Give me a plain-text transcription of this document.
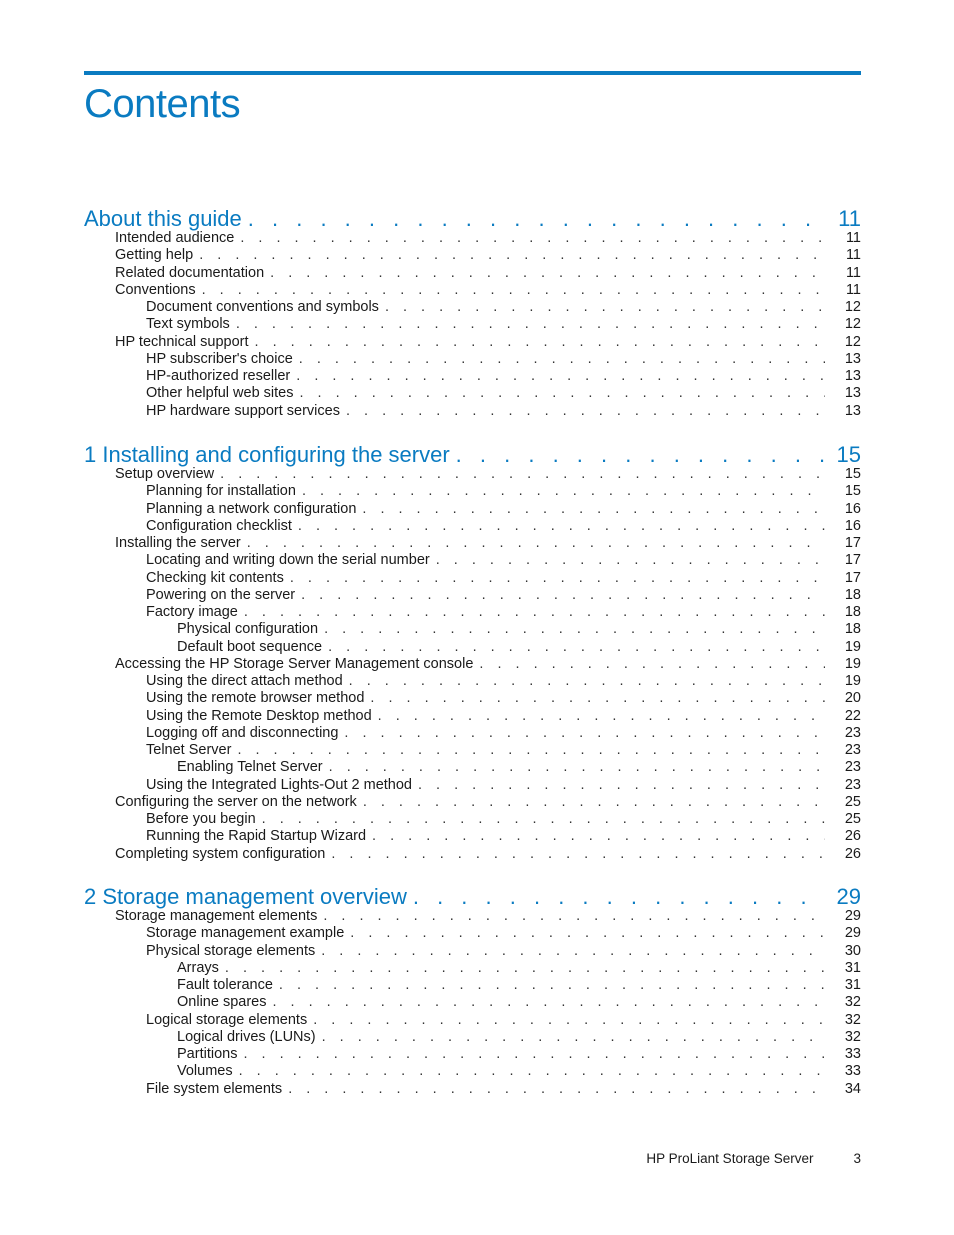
Contents
About this guide . . .	11
Intended audience . . .	11
Getting help . . .	11
Related documentation . . .	11
Conventions . . .	11
Document conventions and symbols . . .	12
Text symbols . . .	12
HP technical support . . .	12
HP subscriber's choice . . .	13
HP-authorized reseller . . .	13
Other helpful web sites . . .	13
HP hardware support services . . .	13
1 Installing and configuring the server . . .	15
Setup overview . . .	15
Planning for installation . . .	15
Planning a network configuration . . .	16
Configuration checklist . . .	16
Installing the server . . .	17
Locating and writing down the serial number . . .	17
Checking kit contents . . .	17
Powering on the server . . .	18
Factory image . . .	18
Physical configuration . . .	18
Default boot sequence . . .	19
Accessing the HP Storage Server Management console . . .	19
Using the direct attach method . . .	19
Using the remote browser method . . .	20
Using the Remote Desktop method . . .	22
Logging off and disconnecting . . .	23
Telnet Server . . .	23
Enabling Telnet Server . . .	23
Using the Integrated Lights-Out 2 method . . .	23
Configuring the server on the network . . .	25
Before you begin . . .	25
Running the Rapid Startup Wizard . . .	26
Completing system configuration . . .	26
2 Storage management overview . . .	29
Storage management elements . . .	29
Storage management example . . .	29
Physical storage elements . . .	30
Arrays . . .	31
Fault tolerance . . .	31
Online spares . . .	32
Logical storage elements . . .	32
Logical drives (LUNs) . . .	32
Partitions . . .	33
Volumes . . .	33
File system elements . . .	34
HP ProLiant Storage Server	3
